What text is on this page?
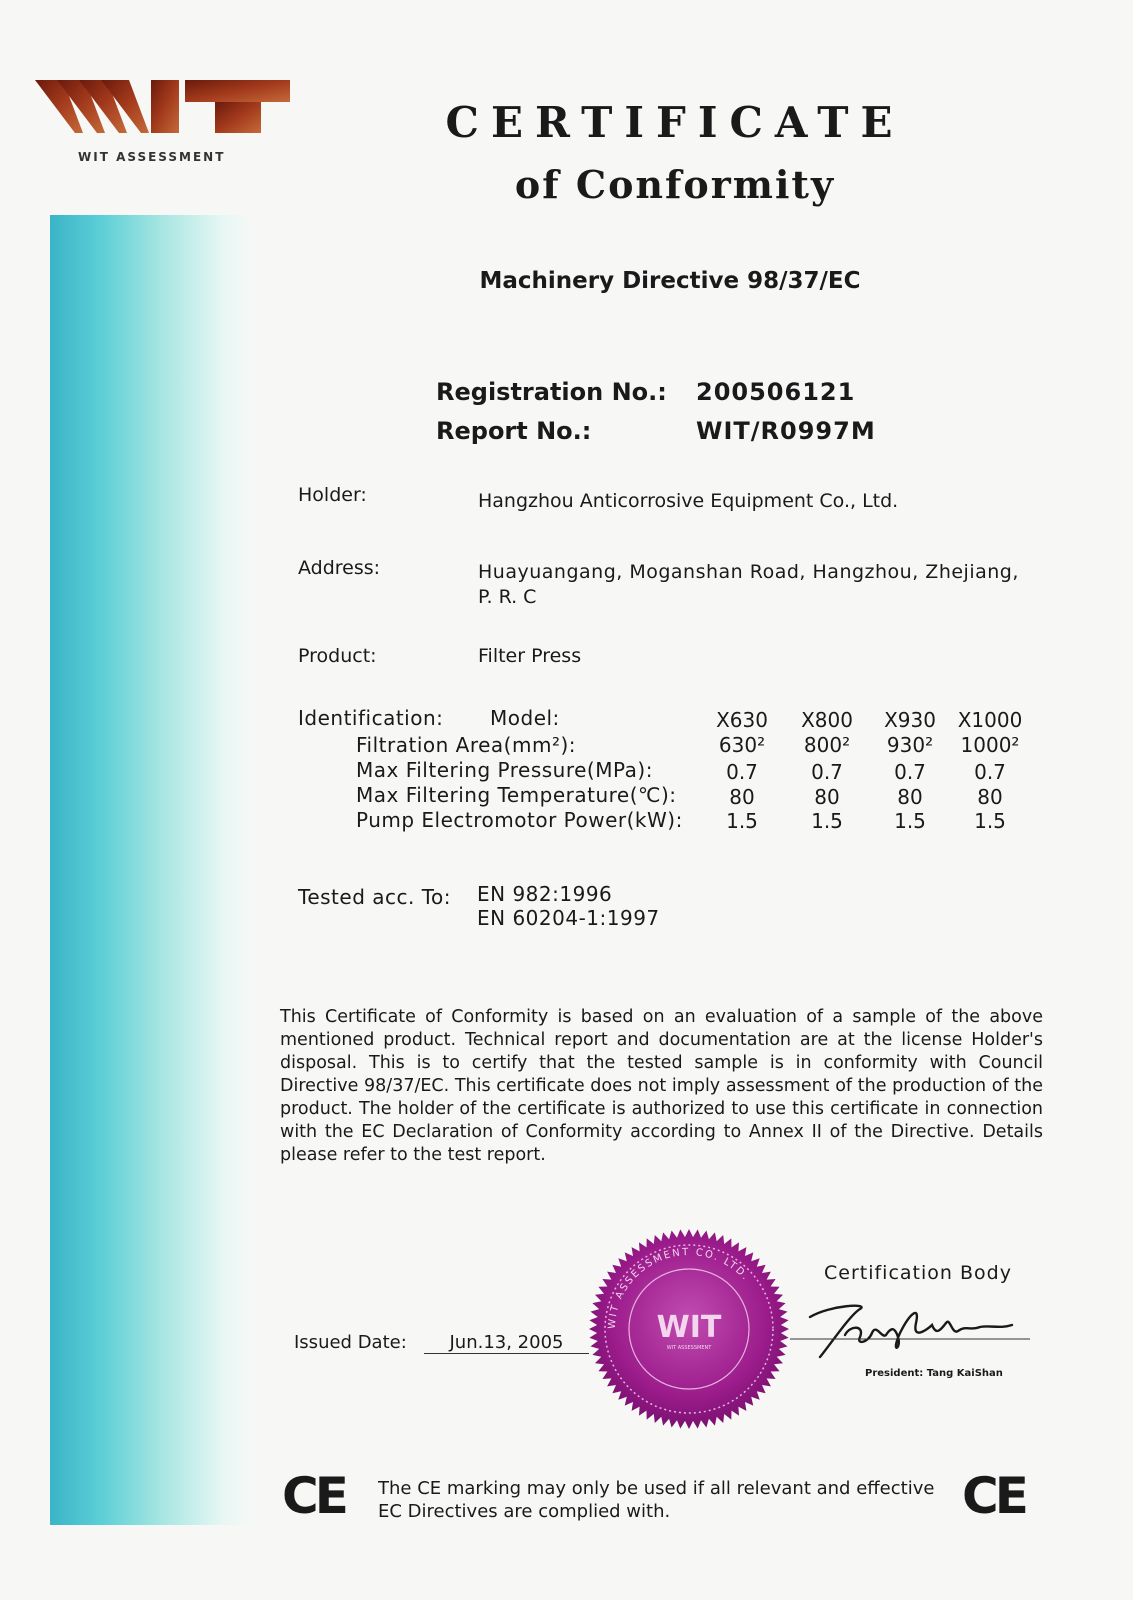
WIT ASSESSMENT
CERTIFICATE
of Conformity
Machinery Directive 98/37/EC
Registration No.: 200506121
Report No.:	WIT/R0997M
Holder:	Hangzhou Anticorrosive Equipment Co., Ltd.
Address:	Huayuangang, Moganshan Road, Hangzhou, Zhejiang,
P. R. C
Product:	Filter Press
Identification: Model:	X630	X800	X930	X1000
Filtration Area(mm²):	630²	800²	930²	1000²
Max Filtering Pressure(MPa):	0.7	0.7	0.7	0.7
Max Filtering Temperature(℃):	80	80	80	80
Pump Electromotor Power(kW):	1.5	1.5	1.5	1.5
Tested acc. To: EN 982:1996
EN 60204-1:1997
This Certificate of Conformity is based on an evaluation of a sample of the above mentioned product. Technical report and documentation are at the license Holder's disposal. This is to certify that the tested sample is in conformity with Council Directive 98/37/EC. This certificate does not imply assessment of the production of the product. The holder of the certificate is authorized to use this certificate in connection with the EC Declaration of Conformity according to Annex II of the Directive. Details please refer to the test report.
Issued Date:	Jun.13, 2005
WIT ASSESSMENT CO. LTD.
WIT
WIT ASSESSMENT
Certification Body
President: Tang KaiShan
CE The CE marking may only be used if all relevant and effective
EC Directives are complied with.	CE
